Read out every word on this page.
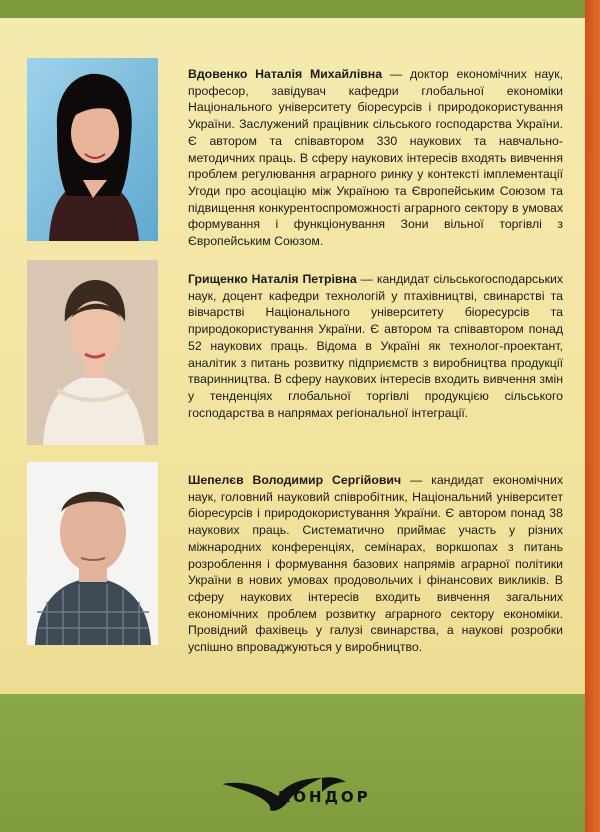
Вдовенко Наталія Михайлівна — доктор економічних наук, професор, завідувач кафедри глобальної економіки Національного університету біоресурсів і природокористування України. Заслужений працівник сільського господарства України. Є автором та співавтором 330 наукових та навчально-методичних праць. В сферу наукових інтересів входять вивчення проблем регулювання аграрного ринку у контексті імплементації Угоди про асоціацію між Україною та Європейським Союзом та підвищення конкурентоспроможності аграрного сектору в умовах формування і функціонування Зони вільної торгівлі з Європейським Союзом.
Грищенко Наталія Петрівна — кандидат сільськогосподарських наук, доцент кафедри технологій у птахівництві, свинарстві та вівчарстві Національного університету біоресурсів та природокористування України. Є автором та співавтором понад 52 наукових праць. Відома в Україні як технолог-проектант, аналітик з питань розвитку підприємств з виробництва продукції тваринництва. В сферу наукових інтересів входить вивчення змін у тенденціях глобальної торгівлі продукцією сільського господарства в напрямах регіональної інтеграції.
Шепелєв Володимир Сергійович — кандидат економічних наук, головний науковий співробітник, Національний університет біоресурсів і природокористування України. Є автором понад 38 наукових праць. Систематично приймає участь у різних міжнародних конференціях, семінарах, воркшопах з питань розроблення і формування базових напрямів аграрної політики України в нових умовах продовольчих і фінансових викликів. В сферу наукових інтересів входить вивчення загальних економічних проблем розвитку аграрного сектору економіки. Провідний фахівець у галузі свинарства, а наукові розробки успішно впроваджуються у виробництво.
КОНДОР
